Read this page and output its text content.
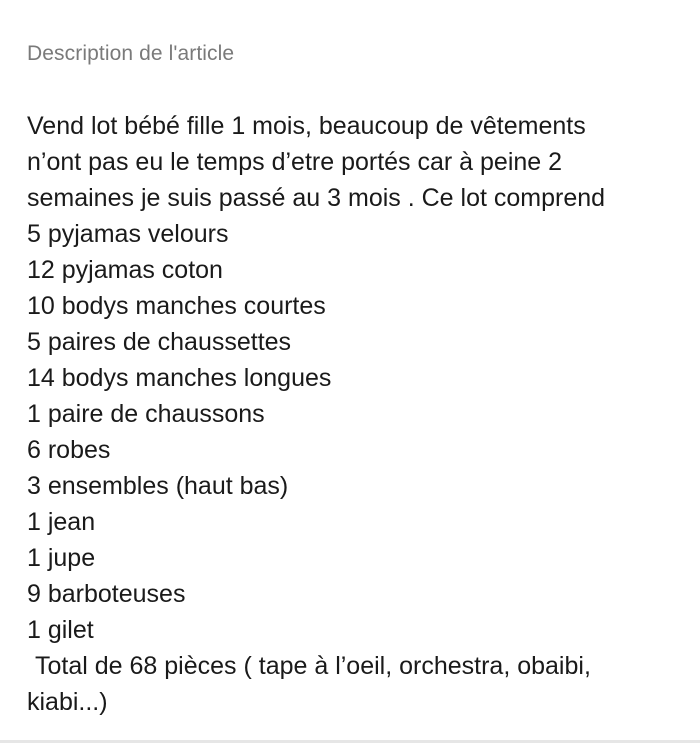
Description de l'article
Vend lot bébé fille 1 mois, beaucoup de vêtements
n’ont pas eu le temps d’etre portés car à peine 2
semaines je suis passé au 3 mois . Ce lot comprend
5 pyjamas velours
12 pyjamas coton
10 bodys manches courtes
5 paires de chaussettes
14 bodys manches longues
1 paire de chaussons
6 robes
3 ensembles (haut bas)
1 jean
1 jupe
9 barboteuses
1 gilet
Total de 68 pièces ( tape à l’oeil, orchestra, obaibi,
kiabi...)
